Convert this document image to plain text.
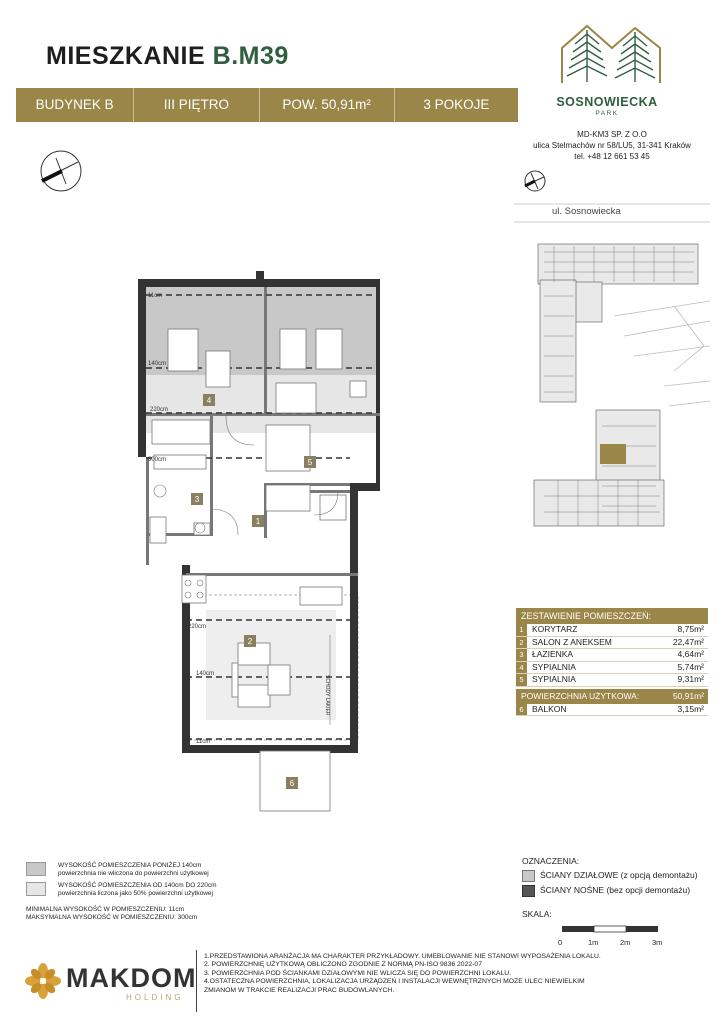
MIESZKANIE B.M39
BUDYNEK B	III PIĘTRO	POW. 50,91m²	3 POKOJE	SOSNOWIECKA
PARK
MD-KM3 SP. Z O.O
ulica Stelmachów nr 58/LU5, 31-341 Kraków
tel. +48 12 661 53 45
ul. Sosnowiecka
4
5
3
1
2
6
11cm
140cm
220cm
300cm
220cm
140cm
11cm
SCHODY LAKIER
ZESTAWIENIE POMIESZCZEŃ:
1 KORYTARZ	8,75m²
2 SALON Z ANEKSEM	22,47m²
3 ŁAZIENKA	4,64m²
4 SYPIALNIA	5,74m²
5 SYPIALNIA	9,31m²
POWIERZCHNIA UŻYTKOWA:	50,91m²
6 BALKON	3,15m²
WYSOKOŚĆ POMIESZCZENIA PONIŻEJ 140cm
powierzchnia nie wliczona do powierzchni użytkowej
WYSOKOŚĆ POMIESZCZENIA OD 140cm DO 220cm
powierzchnia liczona jako 50% powierzchni użytkowej
MINIMALNA WYSOKOŚĆ W POMIESZCZENIU: 11cm
MAKSYMALNA WYSOKOŚĆ W POMIESZCZENIU: 300cm
OZNACZENIA:
ŚCIANY DZIAŁOWE (z opcją demontażu)
ŚCIANY NOŚNE (bez opcji demontażu)
SKALA:
0	1m	2m	3m
MAKDOM
HOLDING
1.PRZEDSTAWIONA ARANŻACJA MA CHARAKTER PRZYKŁADOWY. UMEBLOWANIE NIE STANOWI WYPOSAŻENIA LOKALU.
2. POWIERZCHNIĘ UŻYTKOWĄ OBLICZONO ZGODNIE Z NORMĄ PN-ISO 9836 2022-07
3. POWIERZCHNIA POD ŚCIANKAMI DZIAŁOWYMI NIE WLICZA SIĘ DO POWIERZCHNI LOKALU.
4.OSTATECZNA POWIERZCHNIA, LOKALIZACJA URZĄDZEŃ I INSTALACJI WEWNĘTRZNYCH MOŻE ULEC NIEWIELKIM
ZMIANOM W TRAKCIE REALIZACJI PRAC BUDOWLANYCH.
